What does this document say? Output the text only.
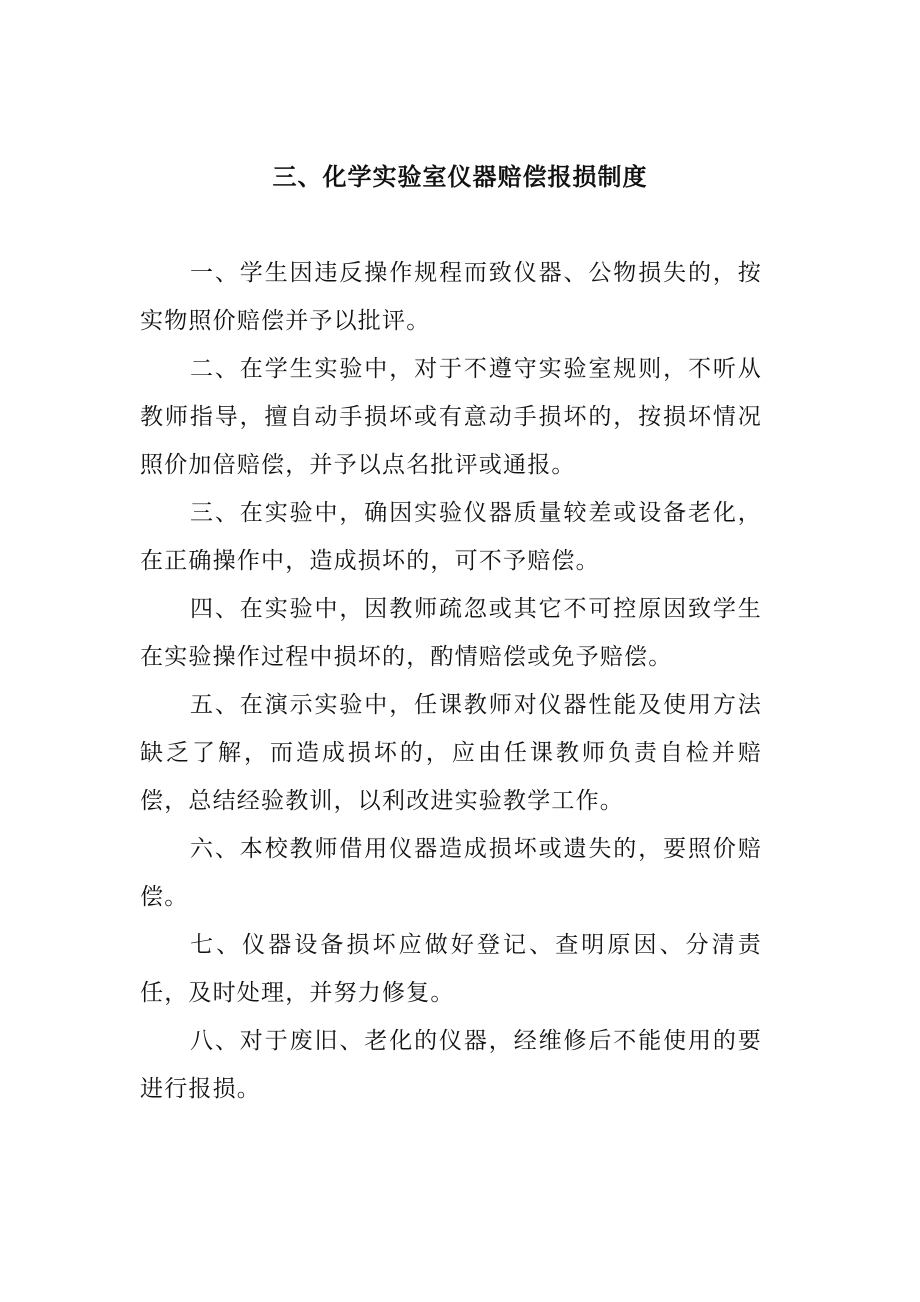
三、化学实验室仪器赔偿报损制度

一、学生因违反操作规程而致仪器、公物损失的，按实物照价赔偿并予以批评。

二、在学生实验中，对于不遵守实验室规则，不听从教师指导，擅自动手损坏或有意动手损坏的，按损坏情况照价加倍赔偿，并予以点名批评或通报。

三、在实验中，确因实验仪器质量较差或设备老化，在正确操作中，造成损坏的，可不予赔偿。

四、在实验中，因教师疏忽或其它不可控原因致学生在实验操作过程中损坏的，酌情赔偿或免予赔偿。

五、在演示实验中，任课教师对仪器性能及使用方法缺乏了解，而造成损坏的，应由任课教师负责自检并赔偿，总结经验教训，以利改进实验教学工作。

六、本校教师借用仪器造成损坏或遗失的，要照价赔偿。

七、仪器设备损坏应做好登记、查明原因、分清责任，及时处理，并努力修复。

八、对于废旧、老化的仪器，经维修后不能使用的要进行报损。
